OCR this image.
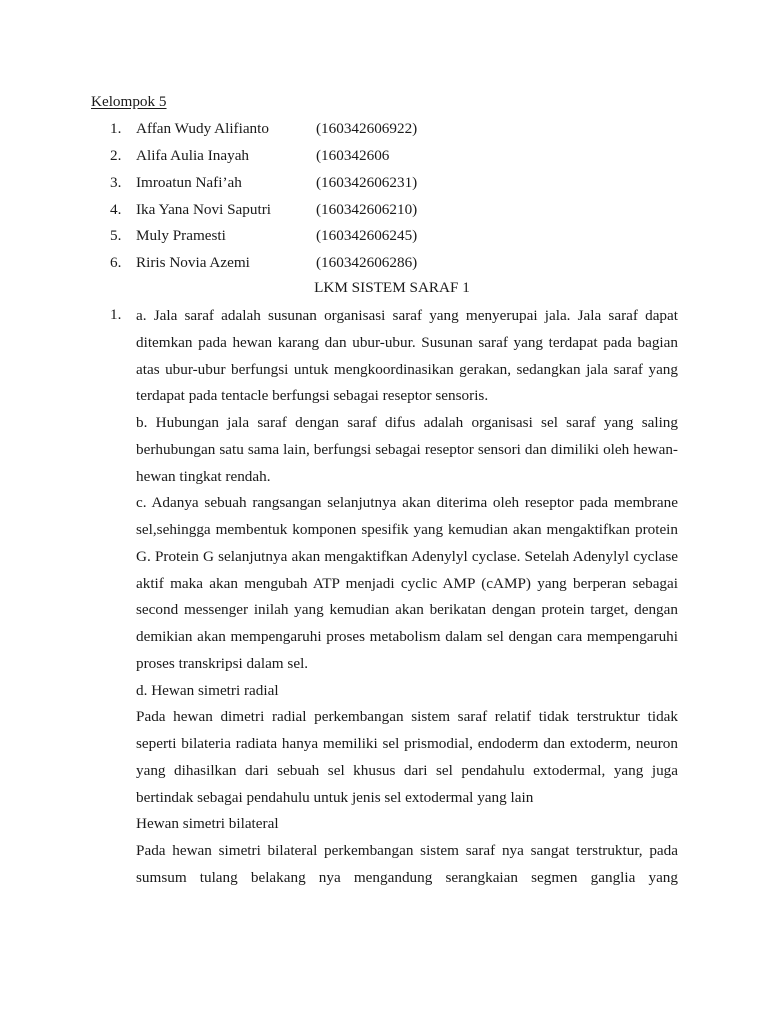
Kelompok 5
1. Affan Wudy Alifianto	(160342606922)
2. Alifa Aulia Inayah	(160342606
3. Imroatun Nafi’ah	(160342606231)
4. Ika Yana Novi Saputri	(160342606210)
5. Muly Pramesti	(160342606245)
6. Riris Novia Azemi	(160342606286)
LKM SISTEM SARAF 1
1. a. Jala saraf adalah susunan organisasi saraf yang menyerupai jala. Jala saraf dapat ditemkan pada hewan karang dan ubur-ubur. Susunan saraf yang terdapat pada bagian atas ubur-ubur berfungsi untuk mengkoordinasikan gerakan, sedangkan jala saraf yang terdapat pada tentacle berfungsi sebagai reseptor sensoris.

b. Hubungan jala saraf dengan saraf difus adalah organisasi sel saraf yang saling berhubungan satu sama lain, berfungsi sebagai reseptor sensori dan dimiliki oleh hewan-hewan tingkat rendah.

c. Adanya sebuah rangsangan selanjutnya akan diterima oleh reseptor pada membrane sel,sehingga membentuk komponen spesifik yang kemudian akan mengaktifkan protein G. Protein G selanjutnya akan mengaktifkan Adenylyl cyclase. Setelah Adenylyl cyclase aktif maka akan mengubah ATP menjadi cyclic AMP (cAMP) yang berperan sebagai second messenger inilah yang kemudian akan berikatan dengan protein target, dengan demikian akan mempengaruhi proses metabolism dalam sel dengan cara mempengaruhi proses transkripsi dalam sel.

d. Hewan simetri radial

Pada hewan dimetri radial perkembangan sistem saraf relatif tidak terstruktur tidak seperti bilateria radiata hanya memiliki sel prismodial, endoderm dan extoderm, neuron yang dihasilkan dari sebuah sel khusus dari sel pendahulu extodermal, yang juga bertindak sebagai pendahulu untuk jenis sel extodermal yang lain

Hewan simetri bilateral

Pada hewan simetri bilateral perkembangan sistem saraf nya sangat terstruktur, pada sumsum tulang belakang nya mengandung serangkaian segmen ganglia yang
